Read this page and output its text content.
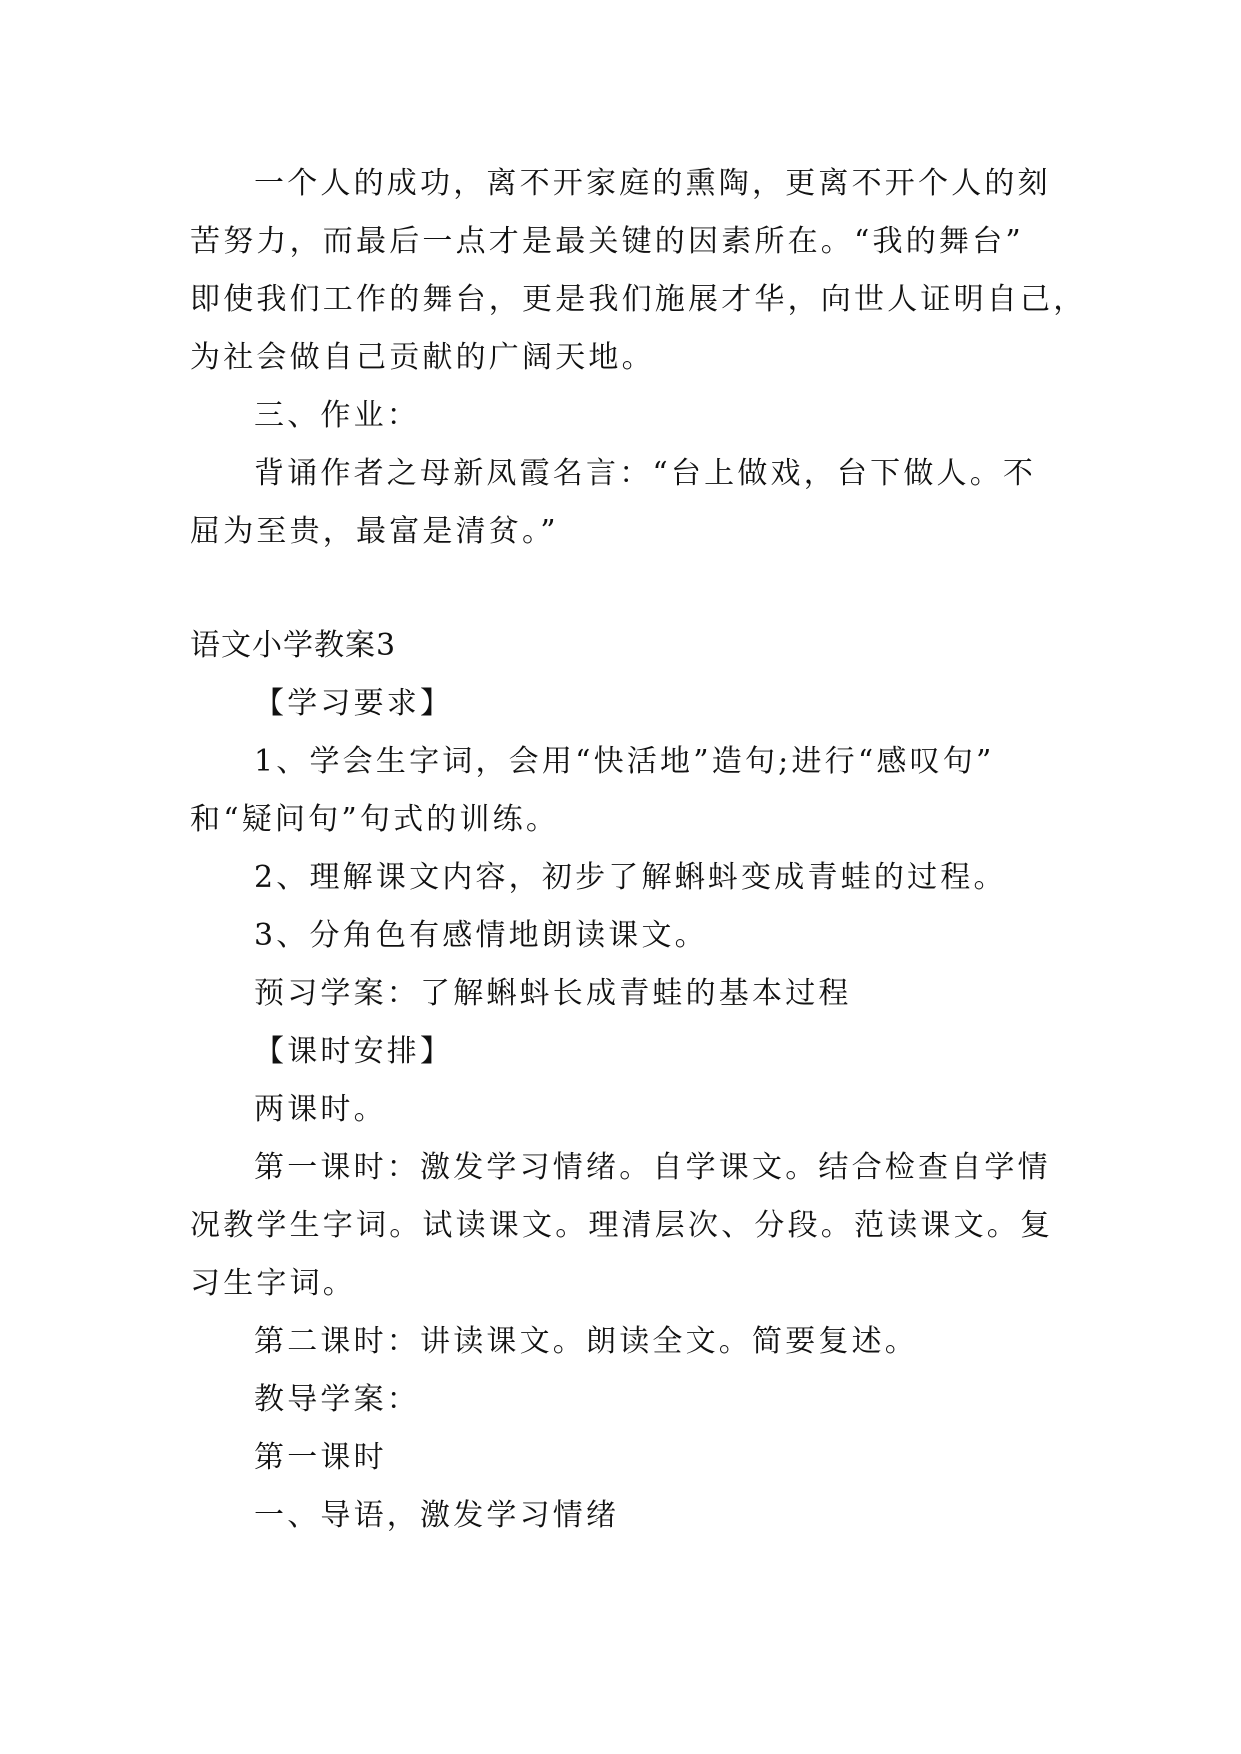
一个人的成功，离不开家庭的熏陶，更离不开个人的刻
苦努力，而最后一点才是最关键的因素所在。“我的舞台”
即使我们工作的舞台，更是我们施展才华，向世人证明自己，
为社会做自己贡献的广阔天地。
三、作业：
背诵作者之母新凤霞名言：“台上做戏，台下做人。不
屈为至贵，最富是清贫。”
语文小学教案3
【学习要求】
1、学会生字词，会用“快活地”造句;进行“感叹句”
和“疑问句”句式的训练。
2、理解课文内容，初步了解蝌蚪变成青蛙的过程。
3、分角色有感情地朗读课文。
预习学案：了解蝌蚪长成青蛙的基本过程
【课时安排】
两课时。
第一课时：激发学习情绪。自学课文。结合检查自学情
况教学生字词。试读课文。理清层次、分段。范读课文。复
习生字词。
第二课时：讲读课文。朗读全文。简要复述。
教导学案：
第一课时
一、导语，激发学习情绪
